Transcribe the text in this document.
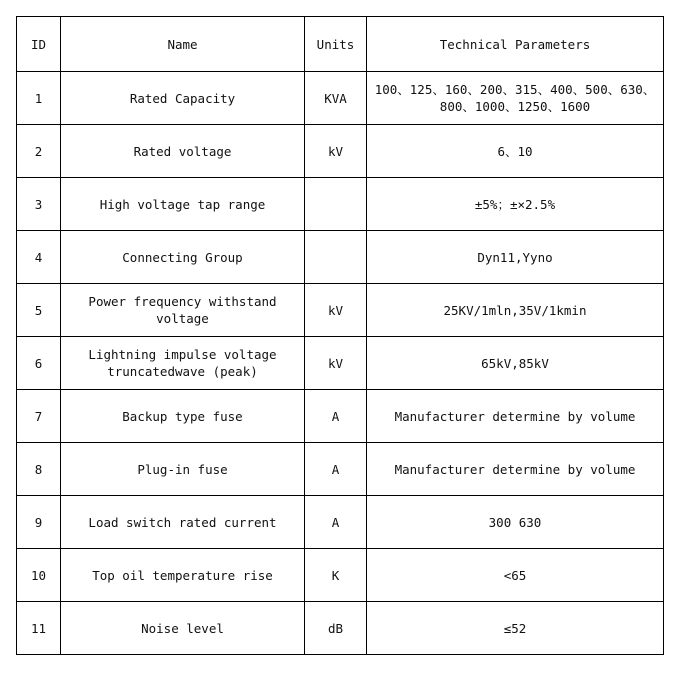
ID	Name	Units	Technical Parameters
1	Rated Capacity	KVA	100、125、160、200、315、400、500、630、800、1000、1250、1600
2	Rated voltage	kV	6、10
3	High voltage tap range		±5%；±×2.5%
4	Connecting Group		Dyn11,Yyno
5	Power frequency withstand voltage	kV	25KV/1mln,35V/1kmin
6	Lightning impulse voltage truncatedwave (peak)	kV	65kV,85kV
7	Backup type fuse	A	Manufacturer determine by volume
8	Plug-in fuse	A	Manufacturer determine by volume
9	Load switch rated current	A	300 630
10	Top oil temperature rise	K	<65
11	Noise level	dB	≤52
